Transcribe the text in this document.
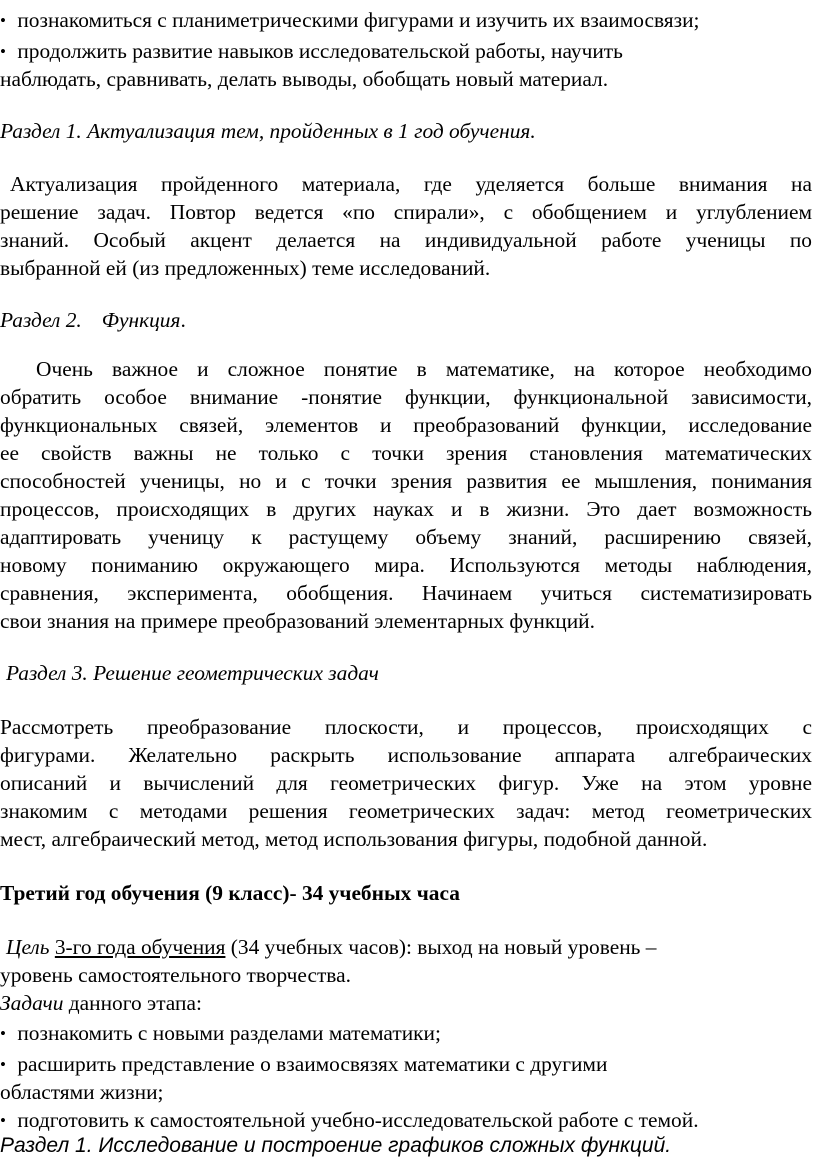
• познакомиться с планиметрическими фигурами и изучить их взаимосвязи;
• продолжить развитие навыков исследовательской работы, научить
наблюдать, сравнивать, делать выводы, обобщать новый материал.
Раздел 1. Актуализация тем, пройденных в 1 год обучения.
Актуализация пройденного материала, где уделяется больше внимания на
решение задач. Повтор ведется «по спирали», с обобщением и углублением
знаний. Особый акцент делается на индивидуальной работе ученицы по
выбранной ей (из предложенных) теме исследований.
Раздел 2. Функция.
Очень важное и сложное понятие в математике, на которое необходимо
обратить особое внимание -понятие функции, функциональной зависимости,
функциональных связей, элементов и преобразований функции, исследование
ее свойств важны не только с точки зрения становления математических
способностей ученицы, но и с точки зрения развития ее мышления, понимания
процессов, происходящих в других науках и в жизни. Это дает возможность
адаптировать ученицу к растущему объему знаний, расширению связей,
новому пониманию окружающего мира. Используются методы наблюдения,
сравнения, эксперимента, обобщения. Начинаем учиться систематизировать
свои знания на примере преобразований элементарных функций.
Раздел 3. Решение геометрических задач
Рассмотреть преобразование плоскости, и процессов, происходящих с
фигурами. Желательно раскрыть использование аппарата алгебраических
описаний и вычислений для геометрических фигур. Уже на этом уровне
знакомим с методами решения геометрических задач: метод геометрических
мест, алгебраический метод, метод использования фигуры, подобной данной.
Третий год обучения (9 класс)- 34 учебных часа
Цель 3-го года обучения (34 учебных часов): выход на новый уровень –
уровень самостоятельного творчества.
Задачи данного этапа:
• познакомить с новыми разделами математики;
• расширить представление о взаимосвязях математики с другими
областями жизни;
• подготовить к самостоятельной учебно-исследовательской работе с темой.
Раздел 1. Исследование и построение графиков сложных функций.
